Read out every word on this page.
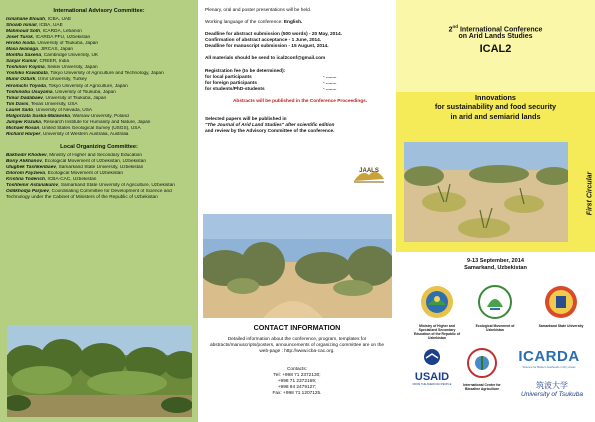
International Advisory Committee:

Ismahane Elouafi, ICBA, UAE

Shoaib Ismail, ICBA, UAE

Mahmoud Solh, ICARDA, Lebanon

Josef Turok, ICARDA PFU, Uzbekistan

Hiroko Isoda, University of Tsukuba, Japan

Masa Iwanaga, JIRCAS, Japan

Monthu Saxena, Cambridge University, UK

Sanjar Kumar, CREER, India

Toshinori Kojima, Seikei University, Japan

Yoshiko Kawabata, Tokyo University of Agriculture and Technology, Japan

Munir Ozturk, Izmir University, Turkey

Hiromichi Toyoda, Tokyo University of Agriculture, Japan

Toshinobu Usuyama, University of Tsukuba, Japan

Timur Dadabaev, University of Tsukuba, Japan

Tim Davis, Texas University, USA

Laurel Saito, University of Nevada, USA

Malgorzata Suska-Malawska, Warsaw University, Poland

Jumpei Kozuka, Research Institute for Humanity and Nature, Japan

Michael Rosan, United States Geological Survey (USGS), USA

Richard Harper, University of Western Australia, Australia

Local Organizing Committee:

Bakhodir Khodiev, Ministry of Higher and Secondary Education

Boriy Alikhanov, Ecological Movement of Uzbekistan, Uzbekistan

Ulugbek Tashkenbaev, Samarkand State University, Uzbekistan

Dilorom Fayzieva, Ecological Movement of Uzbekistan

Kristina Toderich, ICBA-CAC, Uzbekistan

Toshtemir Astanakulov, Samarkand State University of Agriculture, Uzbekistan

Odilkhodja Parpiev, Coordinating Committee for Development of Science and Technology under the Cabinet of Ministers of the Republic of Uzbekistan

Plenary, oral and poster presentations will be held.

Working language of the conference: English.

Deadline for abstract submission (500 words) - 20 May, 2014.

Confirmation of abstract acceptance - 1 June, 2014.

Deadline for manuscript submission - 15 August, 2014.

All materials should be send to ical2conf@gmail.com

Registration fee (to be determined):

for local participants	- ........
for foreign participants	- ........
for students/PhD-students	- ........

Abstracts will be published in the Conference Proceedings.

JAALS

Selected papers will be published in

"The Journal of Arid Land Studies" after scientific edition

and review by the Advisory Committee of the conference.

CONTACT INFORMATION
Detailed information about the conference, program, templates for abstracts/manuscripts/posters, announcements of organizing committee are on the web-page : http://www.icba-cac.org.
Contacts:
Tel: +998 71 2372130;
+998 71 2372169;
+998 94 2479127;
Fax: +998 71 1207125.
2nd International Conference
on Arid Lands Studies
ICAL2
Innovations
for sustainability and food security
in arid and semiarid lands
First Circular
9-13 September, 2014
Samarkand, Uzbekistan
Ministry of Higher and Specialized Secondary Education of the Republic of Uzbekistan
Ecological Movement of Uzbekistan
Samarkand State University
USAID
FROM THE AMERICAN PEOPLE	International Center for Biosaline Agriculture
ICARDA
Science for Better Livelihoods in Dry Areas
筑波大学
University of Tsukuba
